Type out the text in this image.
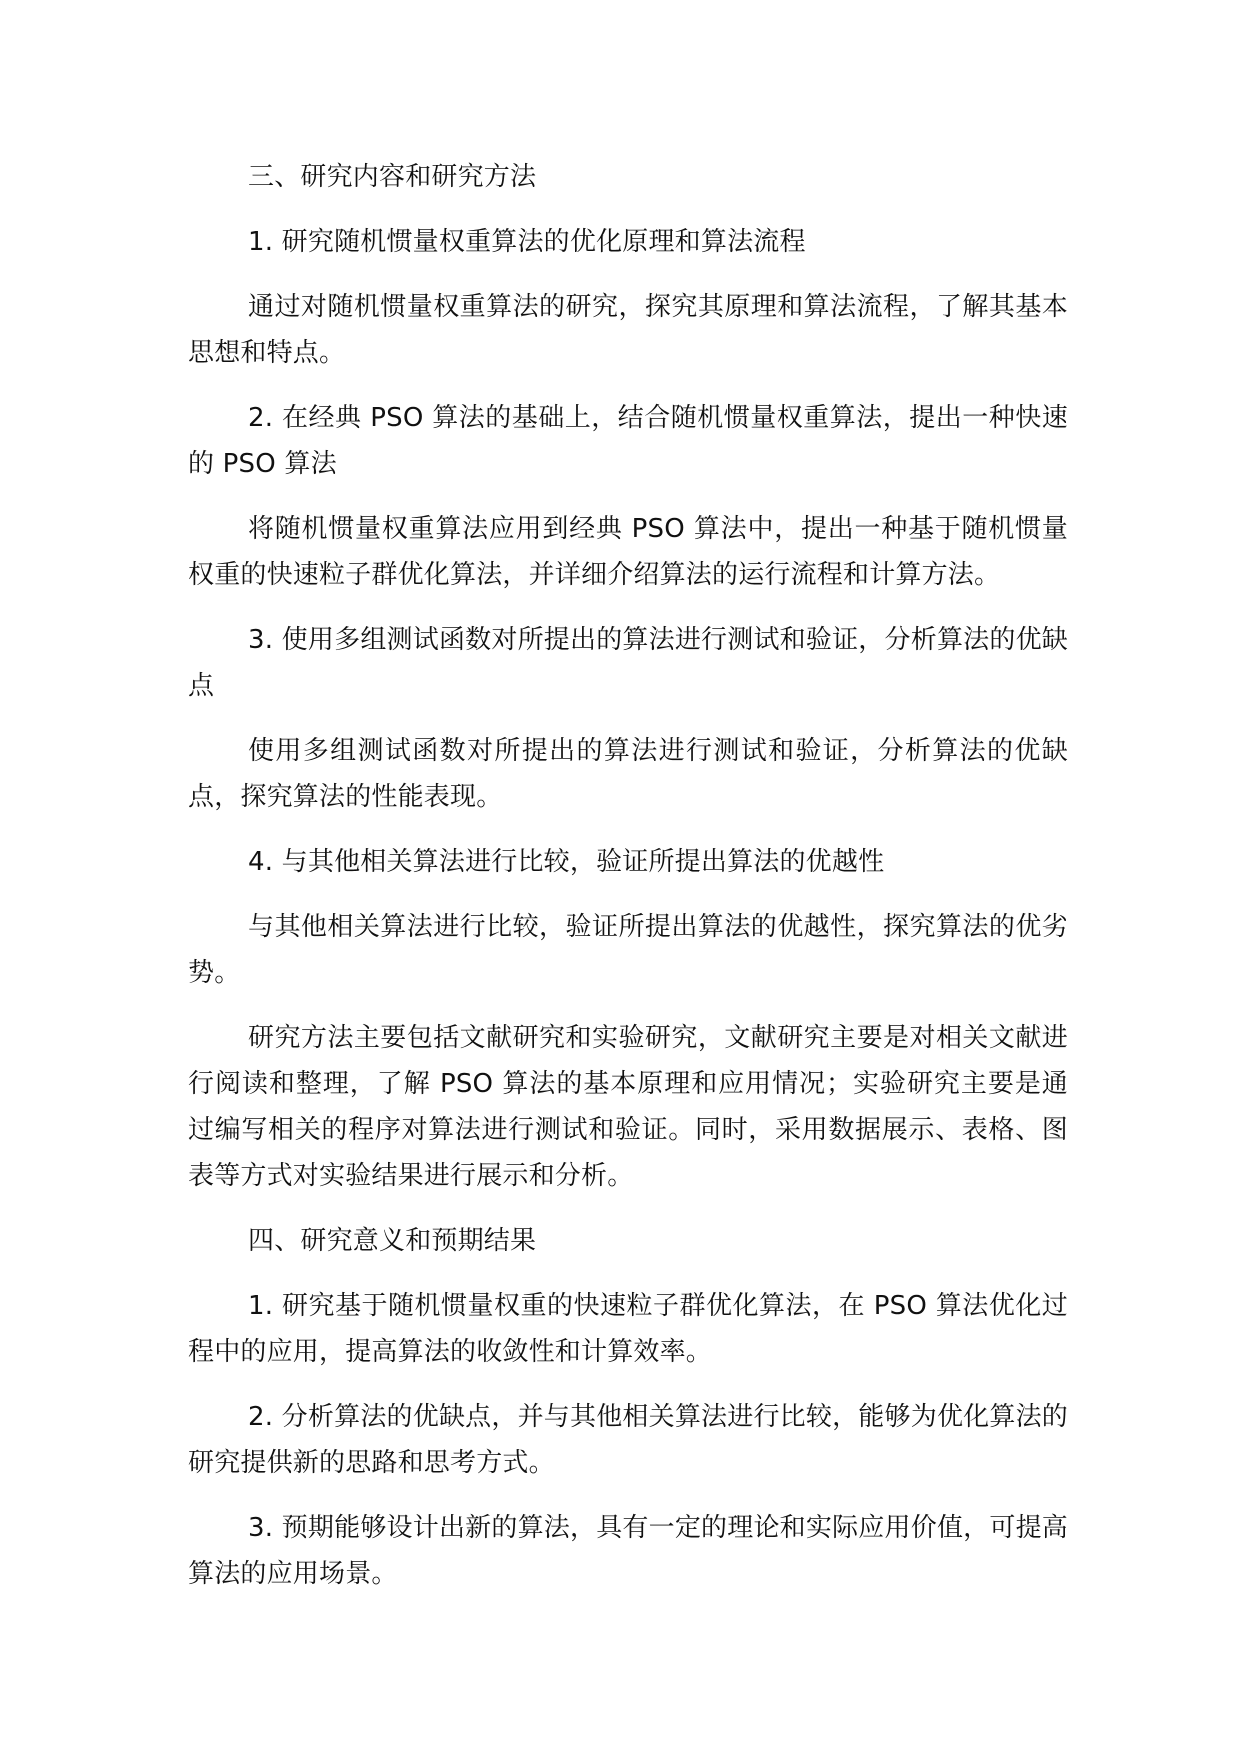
三、研究内容和研究方法

1. 研究随机惯量权重算法的优化原理和算法流程

通过对随机惯量权重算法的研究，探究其原理和算法流程，了解其基本思想和特点。

2. 在经典 PSO 算法的基础上，结合随机惯量权重算法，提出一种快速的 PSO 算法

将随机惯量权重算法应用到经典 PSO 算法中，提出一种基于随机惯量权重的快速粒子群优化算法，并详细介绍算法的运行流程和计算方法。

3. 使用多组测试函数对所提出的算法进行测试和验证，分析算法的优缺点

使用多组测试函数对所提出的算法进行测试和验证，分析算法的优缺点，探究算法的性能表现。

4. 与其他相关算法进行比较，验证所提出算法的优越性

与其他相关算法进行比较，验证所提出算法的优越性，探究算法的优劣势。

研究方法主要包括文献研究和实验研究，文献研究主要是对相关文献进行阅读和整理，了解 PSO 算法的基本原理和应用情况；实验研究主要是通过编写相关的程序对算法进行测试和验证。同时，采用数据展示、表格、图表等方式对实验结果进行展示和分析。

四、研究意义和预期结果

1. 研究基于随机惯量权重的快速粒子群优化算法，在 PSO 算法优化过程中的应用，提高算法的收敛性和计算效率。

2. 分析算法的优缺点，并与其他相关算法进行比较，能够为优化算法的研究提供新的思路和思考方式。

3. 预期能够设计出新的算法，具有一定的理论和实际应用价值，可提高算法的应用场景。
